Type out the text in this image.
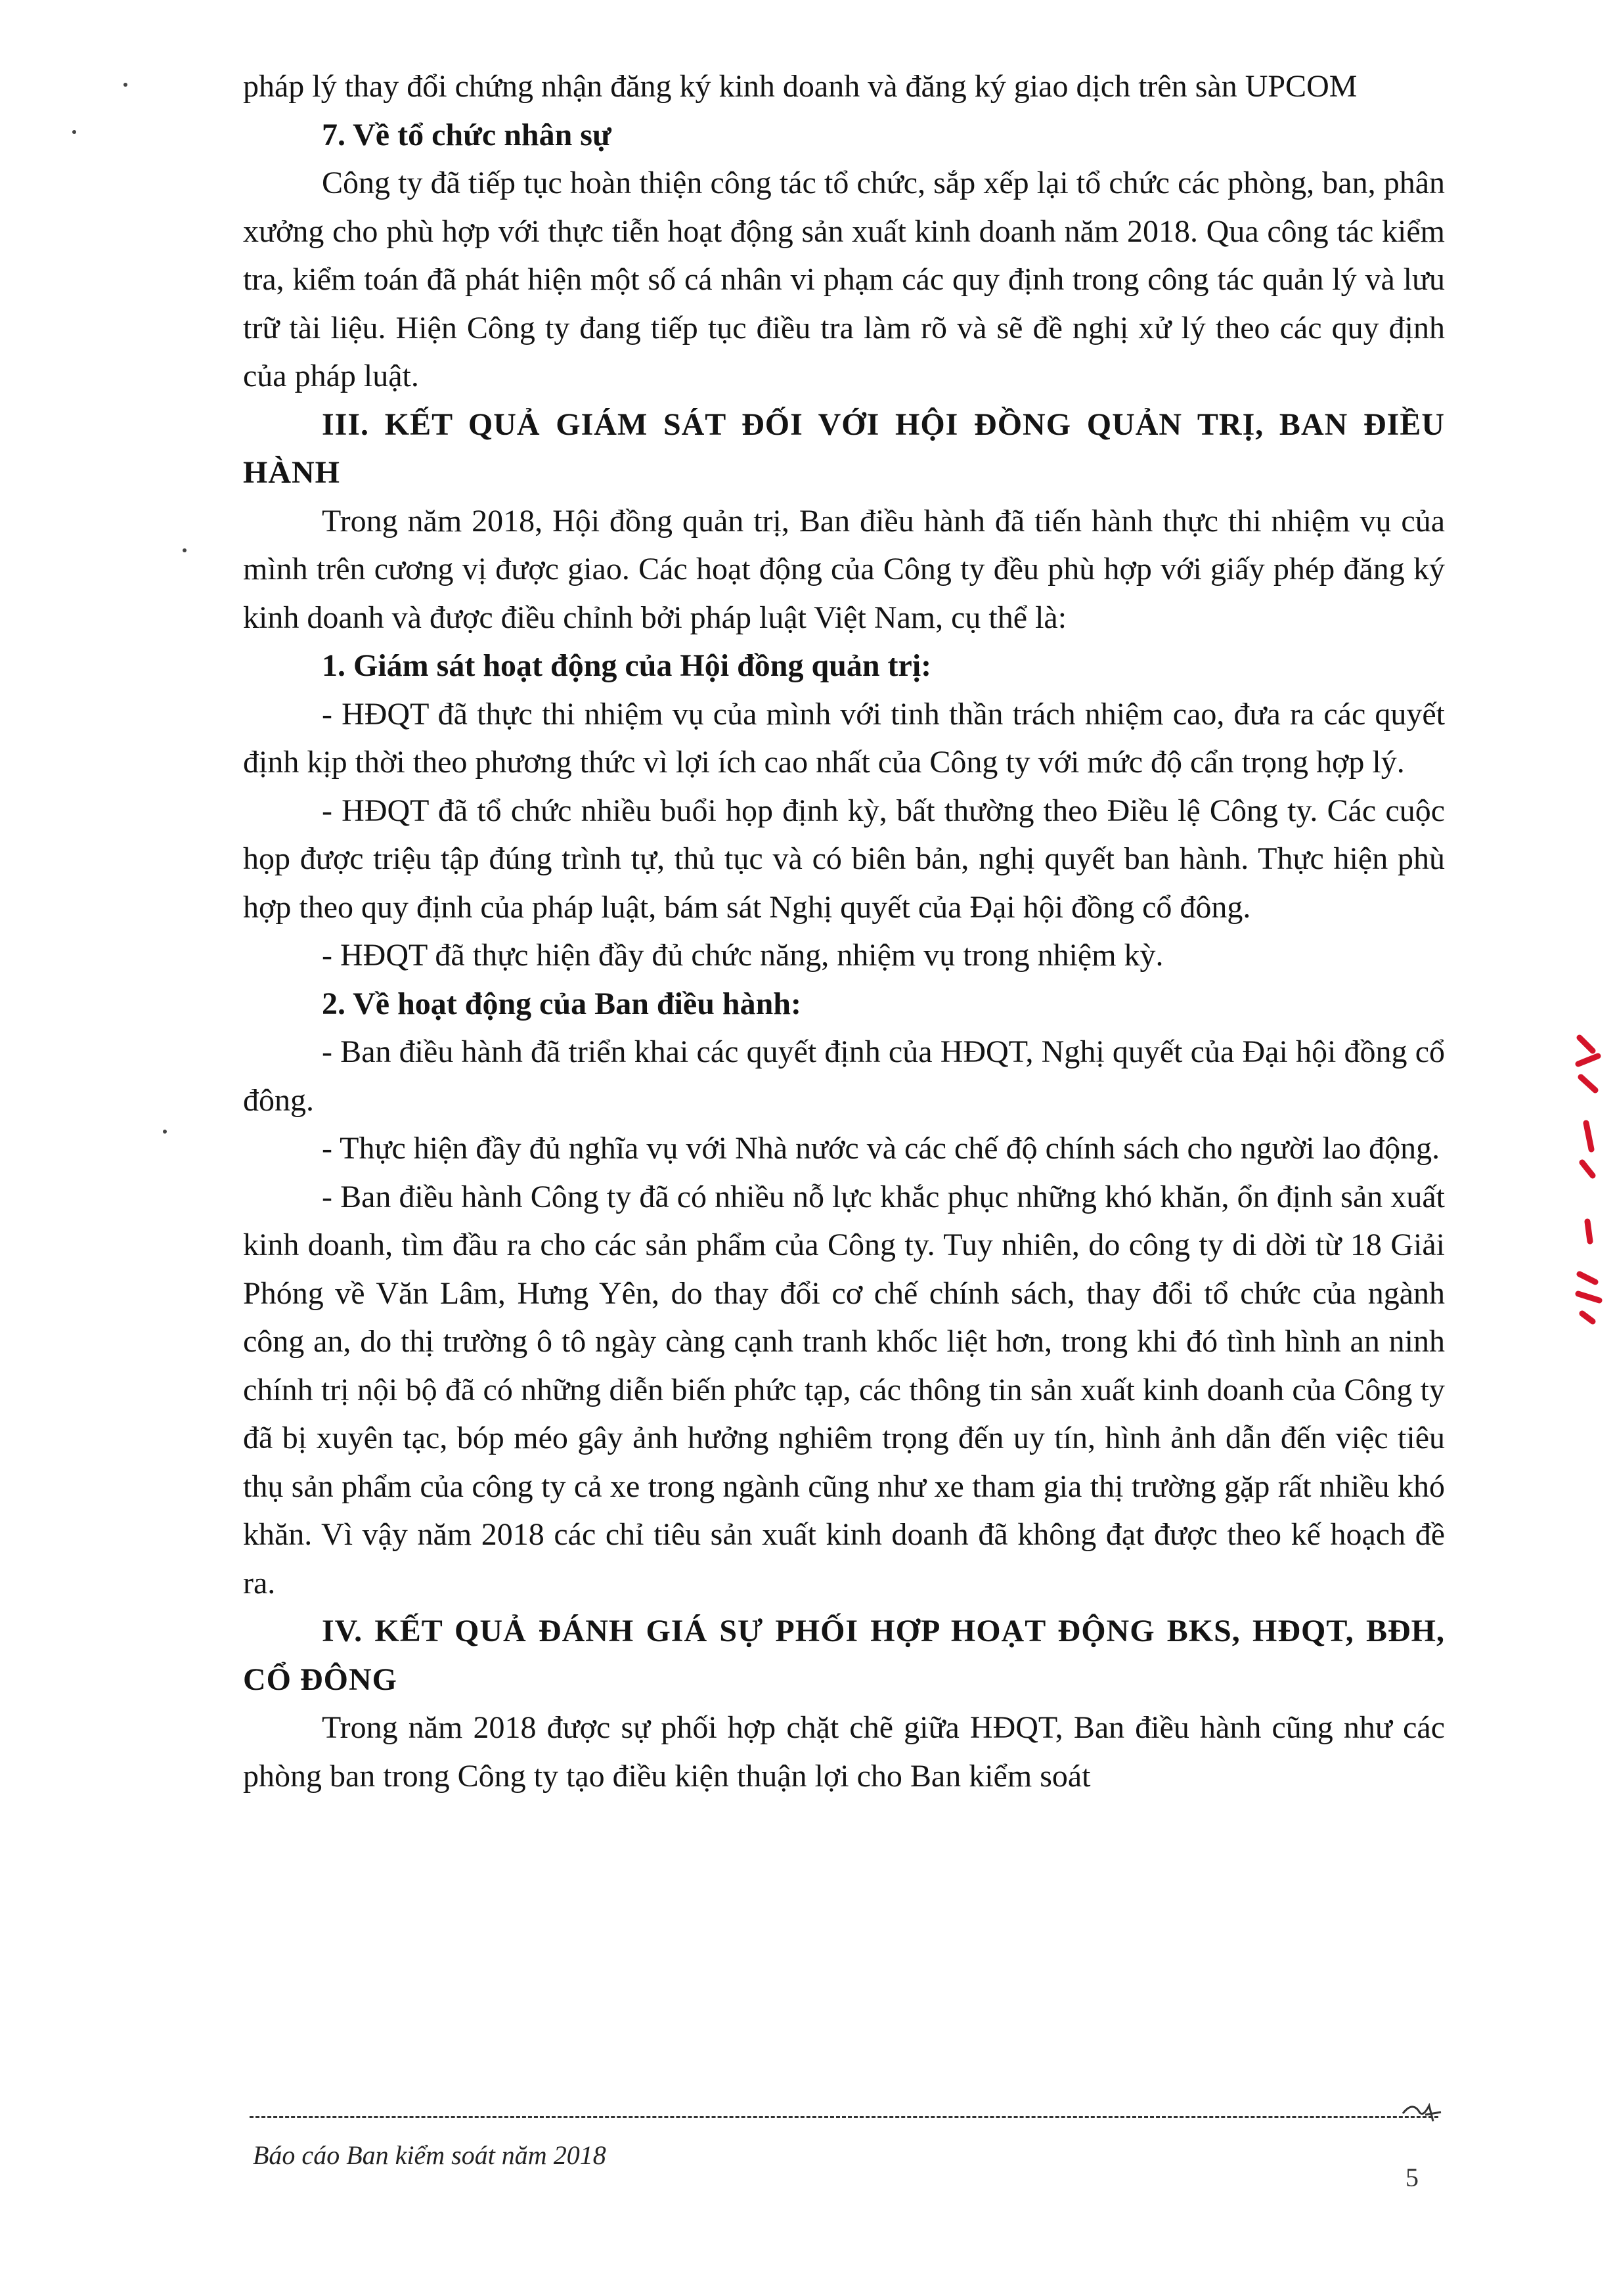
pháp lý thay đổi chứng nhận đăng ký kinh doanh và đăng ký giao dịch trên sàn UPCOM

7. Về tổ chức nhân sự

Công ty đã tiếp tục hoàn thiện công tác tổ chức, sắp xếp lại tổ chức các phòng, ban, phân xưởng cho phù hợp với thực tiễn hoạt động sản xuất kinh doanh năm 2018. Qua công tác kiểm tra, kiểm toán đã phát hiện một số cá nhân vi phạm các quy định trong công tác quản lý và lưu trữ tài liệu. Hiện Công ty đang tiếp tục điều tra làm rõ và sẽ đề nghị xử lý theo các quy định của pháp luật.

III. KẾT QUẢ GIÁM SÁT ĐỐI VỚI HỘI ĐỒNG QUẢN TRỊ, BAN ĐIỀU HÀNH

Trong năm 2018, Hội đồng quản trị, Ban điều hành đã tiến hành thực thi nhiệm vụ của mình trên cương vị được giao. Các hoạt động của Công ty đều phù hợp với giấy phép đăng ký kinh doanh và được điều chỉnh bởi pháp luật Việt Nam, cụ thể là:

1. Giám sát hoạt động của Hội đồng quản trị:

- HĐQT đã thực thi nhiệm vụ của mình với tinh thần trách nhiệm cao, đưa ra các quyết định kịp thời theo phương thức vì lợi ích cao nhất của Công ty với mức độ cẩn trọng hợp lý.

- HĐQT đã tổ chức nhiều buổi họp định kỳ, bất thường theo Điều lệ Công ty. Các cuộc họp được triệu tập đúng trình tự, thủ tục và có biên bản, nghị quyết ban hành. Thực hiện phù hợp theo quy định của pháp luật, bám sát Nghị quyết của Đại hội đồng cổ đông.

- HĐQT đã thực hiện đầy đủ chức năng, nhiệm vụ trong nhiệm kỳ.

2. Về hoạt động của Ban điều hành:

- Ban điều hành đã triển khai các quyết định của HĐQT, Nghị quyết của Đại hội đồng cổ đông.

- Thực hiện đầy đủ nghĩa vụ với Nhà nước và các chế độ chính sách cho người lao động.

- Ban điều hành Công ty đã có nhiều nỗ lực khắc phục những khó khăn, ổn định sản xuất kinh doanh, tìm đầu ra cho các sản phẩm của Công ty. Tuy nhiên, do công ty di dời từ 18 Giải Phóng về Văn Lâm, Hưng Yên, do thay đổi cơ chế chính sách, thay đổi tổ chức của ngành công an, do thị trường ô tô ngày càng cạnh tranh khốc liệt hơn, trong khi đó tình hình an ninh chính trị nội bộ đã có những diễn biến phức tạp, các thông tin sản xuất kinh doanh của Công ty đã bị xuyên tạc, bóp méo gây ảnh hưởng nghiêm trọng đến uy tín, hình ảnh dẫn đến việc tiêu thụ sản phẩm của công ty cả xe trong ngành cũng như xe tham gia thị trường gặp rất nhiều khó khăn. Vì vậy năm 2018 các chỉ tiêu sản xuất kinh doanh đã không đạt được theo kế hoạch đề ra.

IV. KẾT QUẢ ĐÁNH GIÁ SỰ PHỐI HỢP HOẠT ĐỘNG BKS, HĐQT, BĐH, CỔ ĐÔNG

Trong năm 2018 được sự phối hợp chặt chẽ giữa HĐQT, Ban điều hành cũng như các phòng ban trong Công ty tạo điều kiện thuận lợi cho Ban kiểm soát

Báo cáo Ban kiểm soát năm 2018
5
